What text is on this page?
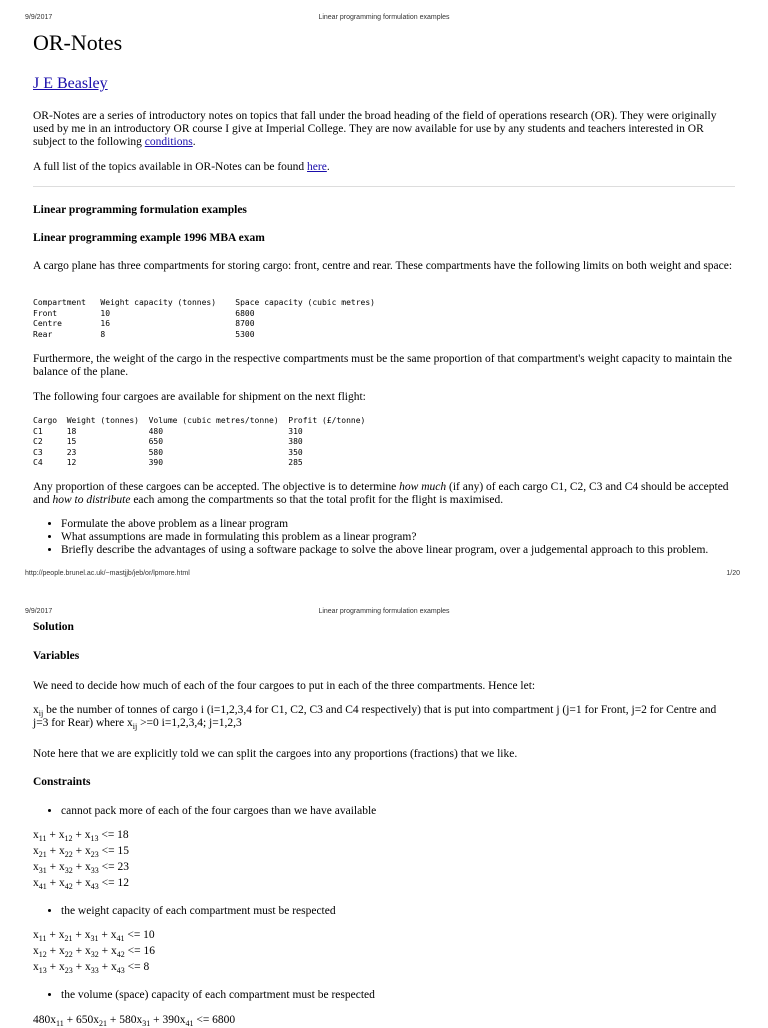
9/9/2017	Linear programming formulation examples
OR-Notes
J E Beasley
OR-Notes are a series of introductory notes on topics that fall under the broad heading of the field of operations research (OR). They were originally used by me in an introductory OR course I give at Imperial College. They are now available for use by any students and teachers interested in OR subject to the following conditions.
A full list of the topics available in OR-Notes can be found here.
Linear programming formulation examples
Linear programming example 1996 MBA exam
A cargo plane has three compartments for storing cargo: front, centre and rear. These compartments have the following limits on both weight and space:
Compartment   Weight capacity (tonnes)    Space capacity (cubic metres)
Front         10                          6800
Centre        16                          8700
Rear          8                           5300
Furthermore, the weight of the cargo in the respective compartments must be the same proportion of that compartment's weight capacity to maintain the balance of the plane.
The following four cargoes are available for shipment on the next flight:
Cargo  Weight (tonnes)  Volume (cubic metres/tonne)  Profit (£/tonne)
C1     18               480                          310
C2     15               650                          380
C3     23               580                          350
C4     12               390                          285
Any proportion of these cargoes can be accepted. The objective is to determine how much (if any) of each cargo C1, C2, C3 and C4 should be accepted and how to distribute each among the compartments so that the total profit for the flight is maximised.
• Formulate the above problem as a linear program
• What assumptions are made in formulating this problem as a linear program?
• Briefly describe the advantages of using a software package to solve the above linear program, over a judgemental approach to this problem.
http://people.brunel.ac.uk/~mastjjb/jeb/or/lpmore.html	1/20
9/9/2017	Linear programming formulation examples
Solution
Variables
We need to decide how much of each of the four cargoes to put in each of the three compartments. Hence let:
$x_{ij}$ be the number of tonnes of cargo i (i=1,2,3,4 for C1, C2, C3 and C4 respectively) that is put into compartment j (j=1 for Front, j=2 for Centre and j=3 for Rear) where $x_{ij} >=0$ i=1,2,3,4; j=1,2,3
Note here that we are explicitly told we can split the cargoes into any proportions (fractions) that we like.
Constraints
• cannot pack more of each of the four cargoes than we have available
$x_{11} + x_{12} + x_{13} <= 18$
$x_{21} + x_{22} + x_{23} <= 15$
$x_{31} + x_{32} + x_{33} <= 23$
$x_{41} + x_{42} + x_{43} <= 12$
• the weight capacity of each compartment must be respected
$x_{11} + x_{21} + x_{31} + x_{41} <= 10$
$x_{12} + x_{22} + x_{32} + x_{42} <= 16$
$x_{13} + x_{23} + x_{33} + x_{43} <= 8$
• the volume (space) capacity of each compartment must be respected
$480x_{11} + 650x_{21} + 580x_{31} + 390x_{41} <= 6800$
